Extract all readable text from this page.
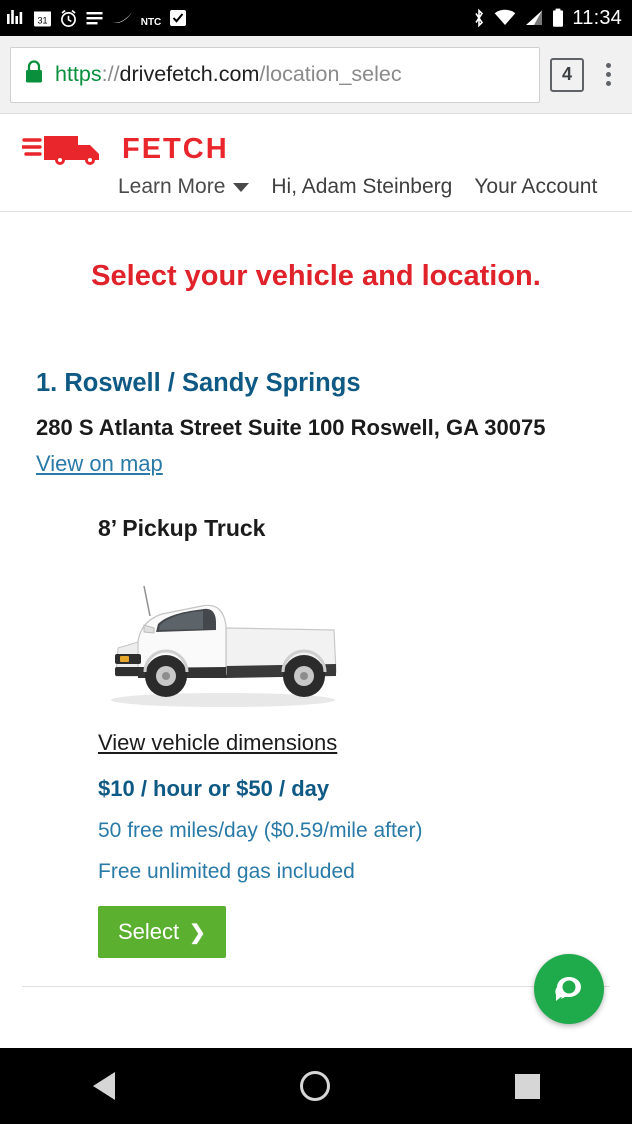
31	NTC	11:34
https://drivefetch.com/location_selec	4
FETCH
Learn More Hi, Adam Steinberg Your Account
Select your vehicle and location.
1. Roswell / Sandy Springs
280 S Atlanta Street Suite 100 Roswell, GA 30075
View on map
8’ Pickup Truck
View vehicle dimensions
$10 / hour or $50 / day
50 free miles/day ($0.59/mile after)
Free unlimited gas included
Select ❯
